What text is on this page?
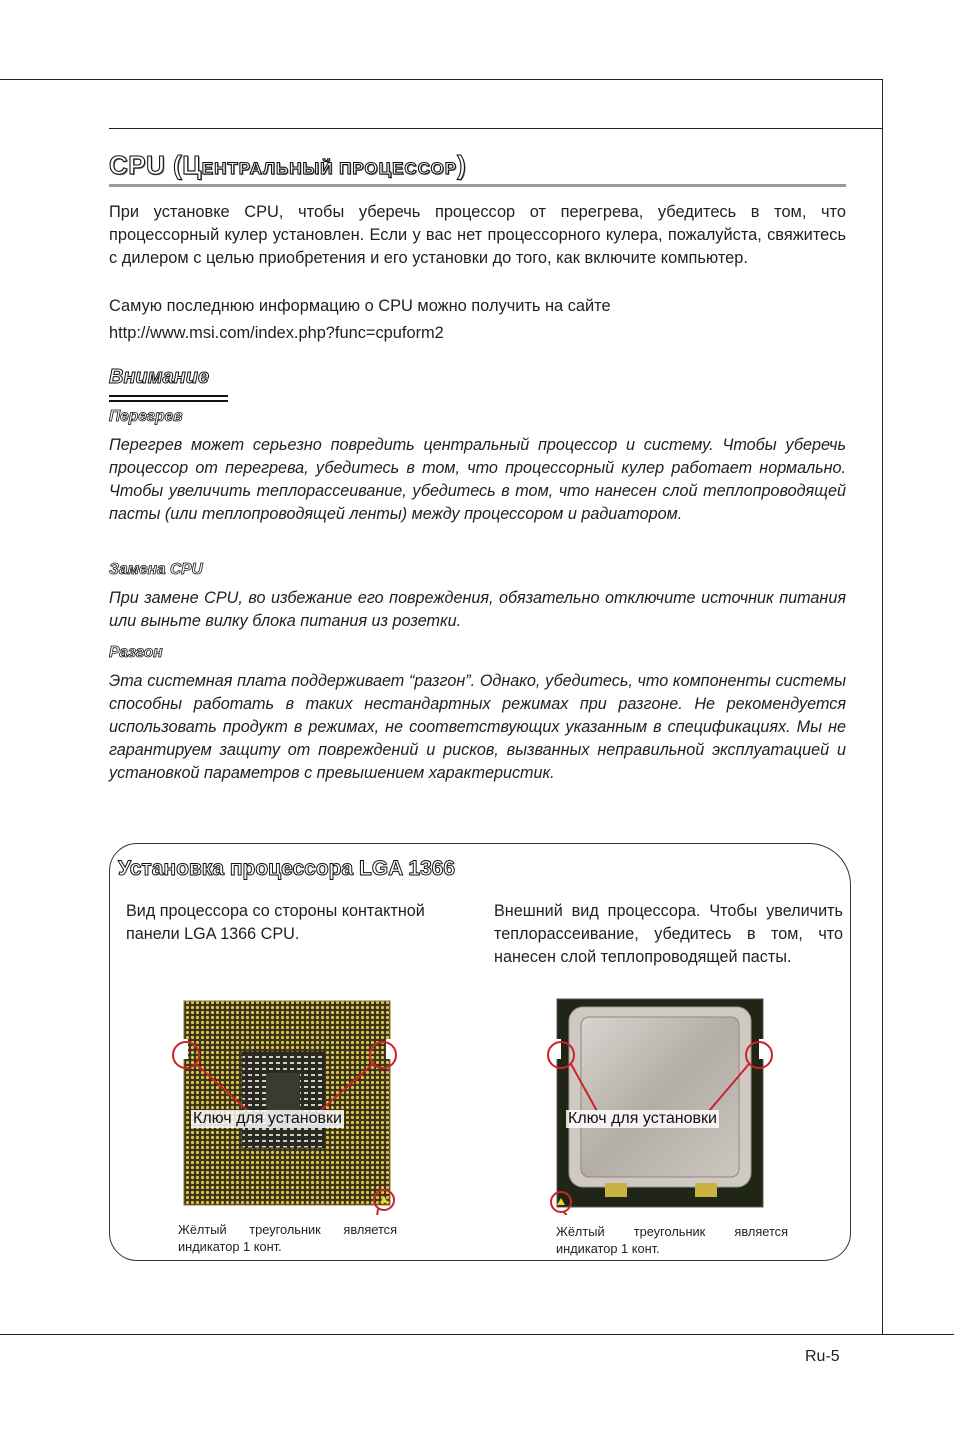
CPU (ЦЕНТРАЛЬНЫЙ ПРОЦЕССОР)

При установке CPU, чтобы уберечь процессор от перегрева, убедитесь в том, что процессорный кулер установлен. Если у вас нет процессорного кулера, пожалуйста, свяжитесь с дилером с целью приобретения и его установки до того, как включите компьютер.

Самую последнюю информацию о CPU можно получить на сайте

http://www.msi.com/index.php?func=cpuform2

Внимание
Перегрев

Перегрев может серьезно повредить центральный процессор и систему. Чтобы уберечь процессор от перегрева, убедитесь в том, что процессорный кулер работает нормально. Чтобы увеличить теплорассеивание, убедитесь в том, что нанесен слой теплопроводящей пасты (или теплопроводящей ленты) между процессором и радиатором.

Замена CPU

При замене CPU, во избежание его повреждения, обязательно отключите источник питания или выньте вилку блока питания из розетки.

Разгон

Эта системная плата поддерживает “разгон”. Однако, убедитесь, что компоненты системы способны работать в таких нестандартных режимах при разгоне. Не рекомендуется использовать продукт в режимах, не соответствующих указанным в спецификациях. Мы не гарантируем защиту от повреждений и рисков, вызванных неправильной эксплуатацией и установкой параметров с превышением характеристик.

Установка процессора LGA 1366

Вид процессора со стороны контактной панели LGA 1366 CPU.

Внешний вид процессора. Чтобы увеличить теплорассеивание, убедитесь в том, что нанесен слой теплопроводящей пасты.

Ключ для установки	Ключ для установки

Жёлтый треугольник является индикатор 1 конт.

Жёлтый треугольник является индикатор 1 конт.

Ru-5
